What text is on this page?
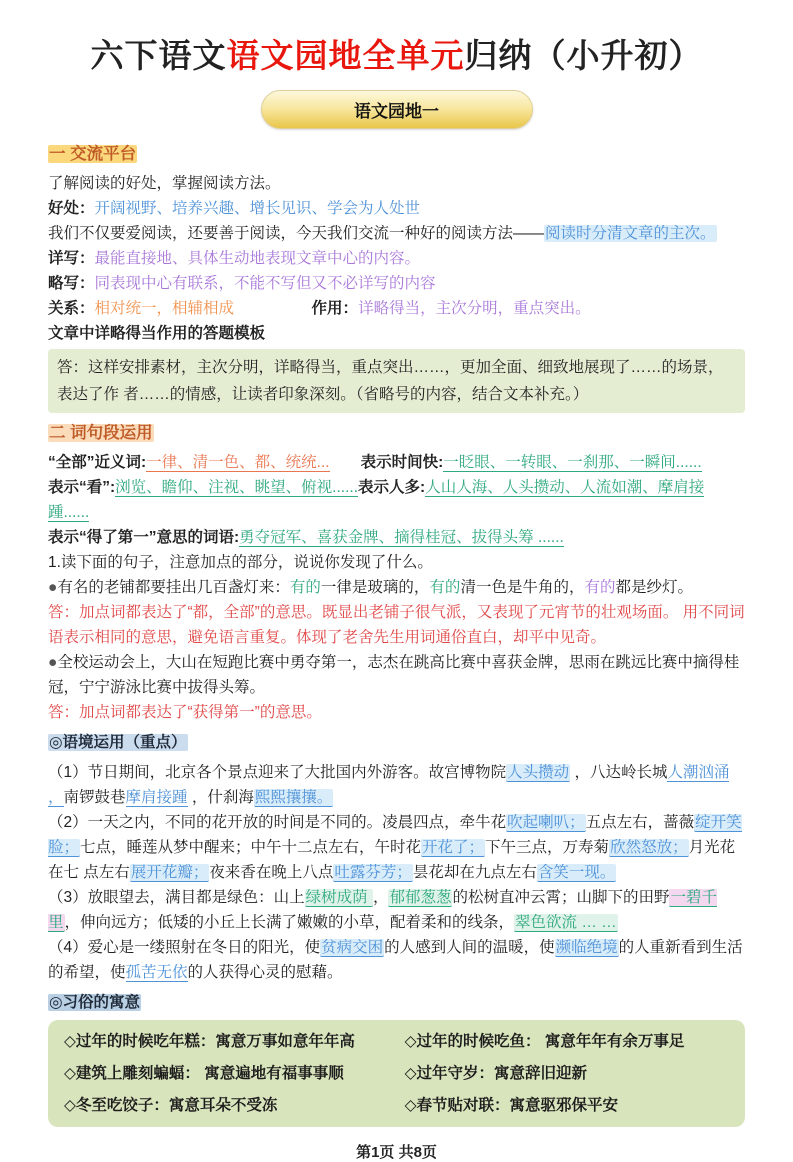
六下语文语文园地全单元归纳（小升初）
语文园地一
一 交流平台
了解阅读的好处，掌握阅读方法。
好处：开阔视野、培养兴趣、增长见识、学会为人处世
我们不仅要爱阅读，还要善于阅读，今天我们交流一种好的阅读方法——阅读时分清文章的主次。
详写：最能直接地、具体生动地表现文章中心的内容。
略写：同表现中心有联系，不能不写但又不必详写的内容
关系：相对统一，相辅相成　　　　　	作用：详略得当，主次分明，重点突出。
文章中详略得当作用的答题模板
答：这样安排素材，主次分明，详略得当，重点突出……，更加全面、细致地展现了……的场景，表达了作 者……的情感，让读者印象深刻。（省略号的内容，结合文本补充。）
二 词句段运用
“全部”近义词:一律、清一色、都、统统...　　 表示时间快:一眨眼、一转眼、一刹那、一瞬间......
表示“看”:浏览、瞻仰、注视、眺望、俯视......表示人多:人山人海、人头攒动、人流如潮、摩肩接踵......
表示“得了第一”意思的词语:勇夺冠军、喜获金牌、摘得桂冠、拔得头筹 ......
1.读下面的句子，注意加点的部分，说说你发现了什么。
●有名的老铺都要挂出几百盏灯来：有的一律是玻璃的，有的清一色是牛角的，有的都是纱灯。
答：加点词都表达了“都，全部”的意思。既显出老铺子很气派，又表现了元宵节的壮观场面。 用不同词语表示相同的意思，避免语言重复。体现了老舍先生用词通俗直白，却平中见奇。
●全校运动会上，大山在短跑比赛中勇夺第一，志杰在跳高比赛中喜获金牌，思雨在跳远比赛中摘得桂冠，宁宁游泳比赛中拔得头筹。
答：加点词都表达了“获得第一”的意思。
◎语境运用（重点）
（1）节日期间，北京各个景点迎来了大批国内外游客。故宫博物院人头攒动 ，八达岭长城人潮汹涌 ，南锣鼓巷摩肩接踵 ，什刹海熙熙攘攘。
（2）一天之内，不同的花开放的时间是不同的。凌晨四点，牵牛花吹起喇叭；五点左右，蔷薇绽开笑脸；七点，睡莲从梦中醒来；中午十二点左右，午时花开花了；下午三点，万寿菊欣然怒放；月光花在七 点左右展开花瓣；夜来香在晚上八点吐露芬芳；昙花却在九点左右含笑一现。
（3）放眼望去，满目都是绿色：山上绿树成荫 ，郁郁葱葱的松树直冲云霄；山脚下的田野一碧千里，伸向远方；低矮的小丘上长满了嫩嫩的小草，配着柔和的线条，翠色欲流 … …
（4）爱心是一缕照射在冬日的阳光，使贫病交困的人感到人间的温暖，使濒临绝境的人重新看到生活的希望，使孤苦无依的人获得心灵的慰藉。
◎习俗的寓意
◇过年的时候吃年糕：寓意万事如意年年高	◇过年的时候吃鱼： 寓意年年有余万事足
◇建筑上雕刻蝙蝠： 寓意遍地有福事事顺	◇过年守岁：寓意辞旧迎新
◇冬至吃饺子：寓意耳朵不受冻	◇春节贴对联：寓意驱邪保平安
第1页 共8页
